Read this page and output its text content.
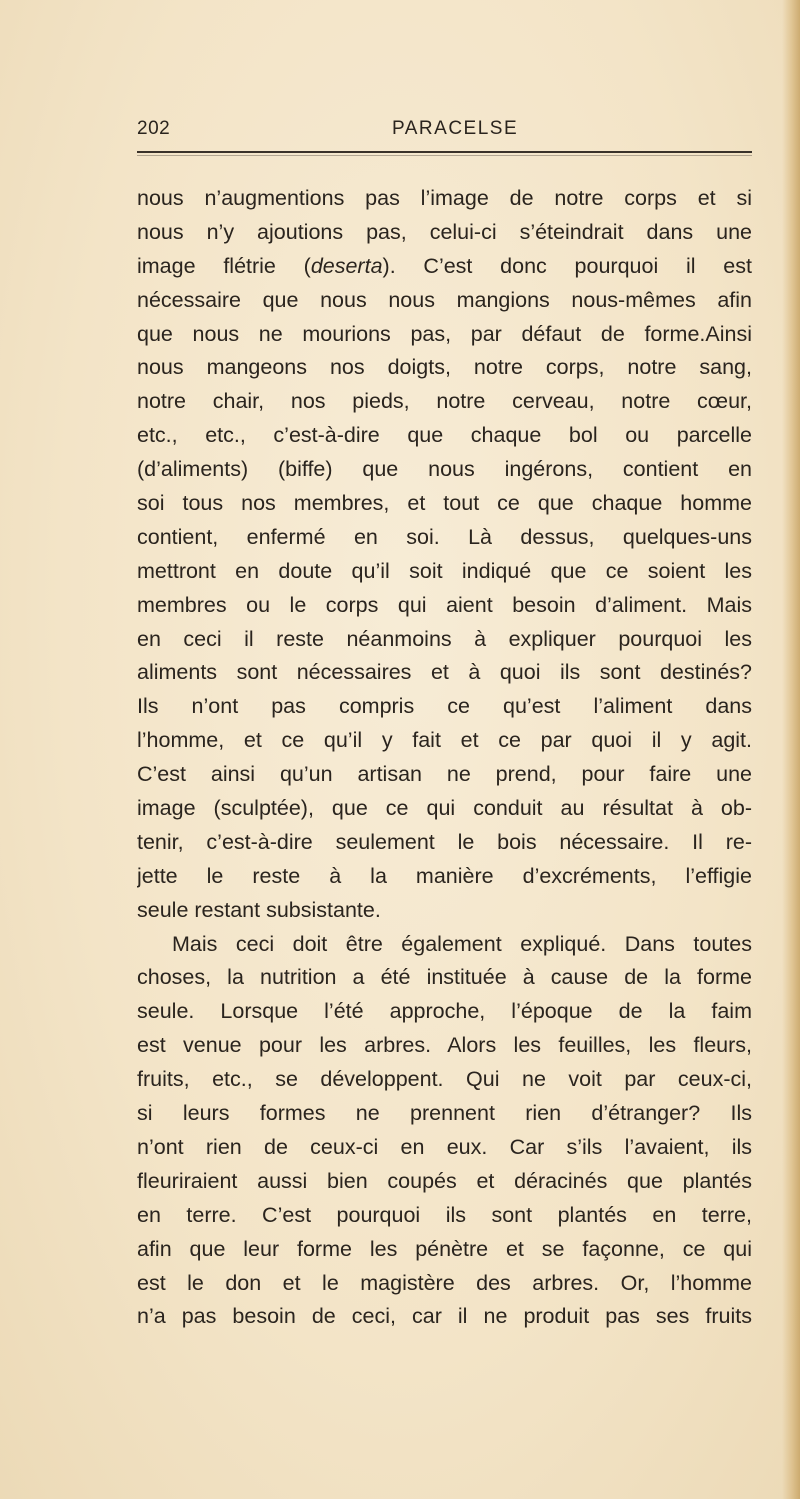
202	PARACELSE
nous n’augmentions pas l’image de notre corps et si
nous n’y ajoutions pas, celui-ci s’éteindrait dans une
image flétrie (deserta). C’est donc pourquoi il est
nécessaire que nous nous mangions nous-mêmes afin
que nous ne mourions pas, par défaut de forme.Ainsi
nous mangeons nos doigts, notre corps, notre sang,
notre chair, nos pieds, notre cerveau, notre cœur,
etc., etc., c’est-à-dire que chaque bol ou parcelle
(d’aliments) (biffe) que nous ingérons, contient en
soi tous nos membres, et tout ce que chaque homme
contient, enfermé en soi. Là dessus, quelques-uns
mettront en doute qu’il soit indiqué que ce soient les
membres ou le corps qui aient besoin d’aliment. Mais
en ceci il reste néanmoins à expliquer pourquoi les
aliments sont nécessaires et à quoi ils sont destinés?
Ils n’ont pas compris ce qu’est l’aliment dans
l’homme, et ce qu’il y fait et ce par quoi il y agit.
C’est ainsi qu’un artisan ne prend, pour faire une
image (sculptée), que ce qui conduit au résultat à ob-
tenir, c’est-à-dire seulement le bois nécessaire. Il re-
jette le reste à la manière d’excréments, l’effigie
seule restant subsistante.
Mais ceci doit être également expliqué. Dans toutes
choses, la nutrition a été instituée à cause de la forme
seule. Lorsque l’été approche, l’époque de la faim
est venue pour les arbres. Alors les feuilles, les fleurs,
fruits, etc., se développent. Qui ne voit par ceux-ci,
si leurs formes ne prennent rien d’étranger? Ils
n’ont rien de ceux-ci en eux. Car s’ils l’avaient, ils
fleuriraient aussi bien coupés et déracinés que plantés
en terre. C’est pourquoi ils sont plantés en terre,
afin que leur forme les pénètre et se façonne, ce qui
est le don et le magistère des arbres. Or, l’homme
n’a pas besoin de ceci, car il ne produit pas ses fruits
